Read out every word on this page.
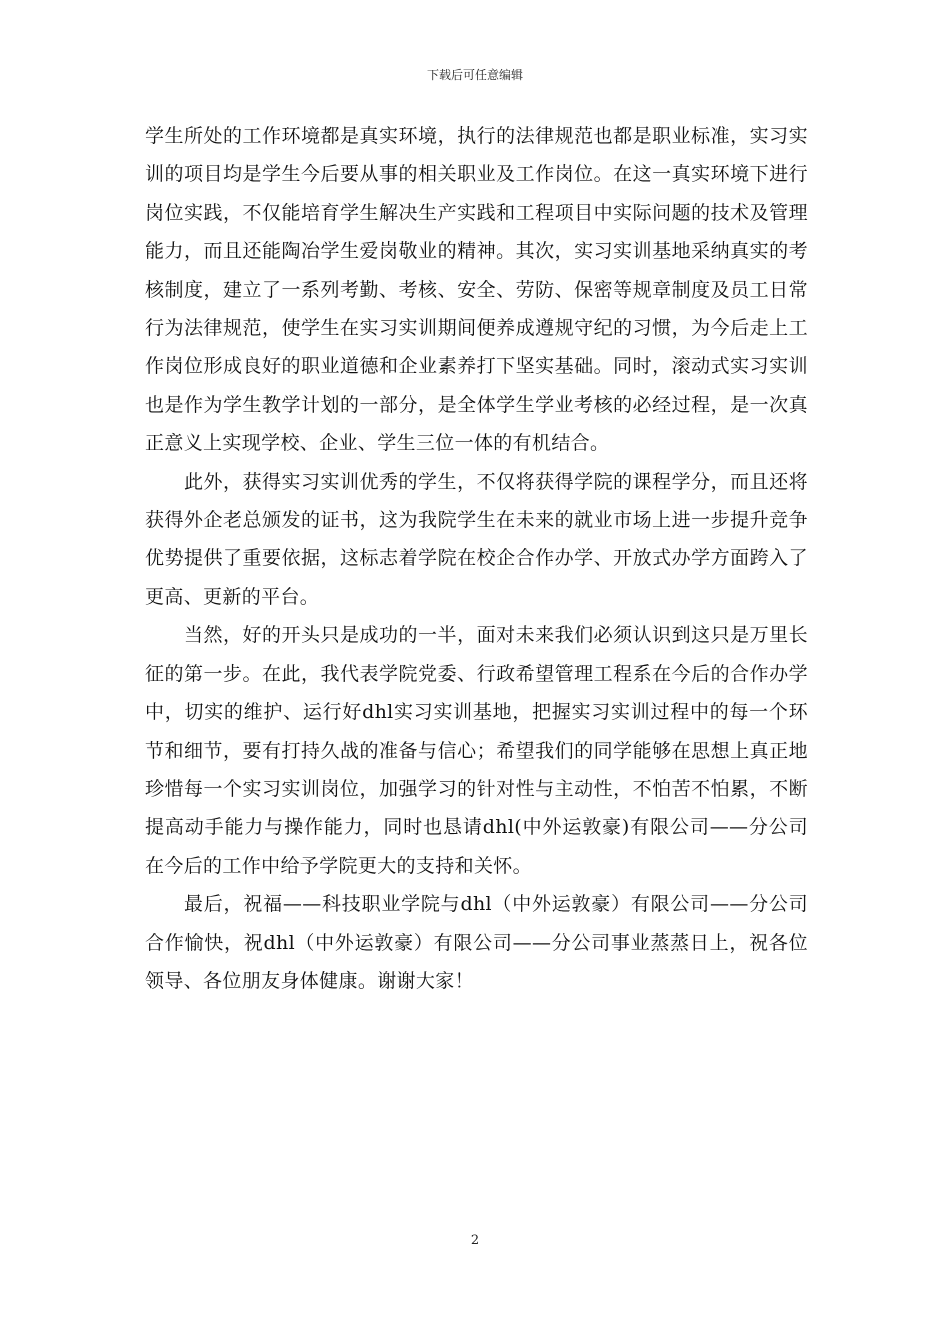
下载后可任意编辑

学生所处的工作环境都是真实环境，执行的法律规范也都是职业标准，实习实训的项目均是学生今后要从事的相关职业及工作岗位。在这一真实环境下进行岗位实践，不仅能培育学生解决生产实践和工程项目中实际问题的技术及管理能力，而且还能陶冶学生爱岗敬业的精神。其次，实习实训基地采纳真实的考核制度，建立了一系列考勤、考核、安全、劳防、保密等规章制度及员工日常行为法律规范，使学生在实习实训期间便养成遵规守纪的习惯，为今后走上工作岗位形成良好的职业道德和企业素养打下坚实基础。同时，滚动式实习实训也是作为学生教学计划的一部分，是全体学生学业考核的必经过程，是一次真正意义上实现学校、企业、学生三位一体的有机结合。

此外，获得实习实训优秀的学生，不仅将获得学院的课程学分，而且还将获得外企老总颁发的证书，这为我院学生在未来的就业市场上进一步提升竞争优势提供了重要依据，这标志着学院在校企合作办学、开放式办学方面跨入了更高、更新的平台。

当然，好的开头只是成功的一半，面对未来我们必须认识到这只是万里长征的第一步。在此，我代表学院党委、行政希望管理工程系在今后的合作办学中，切实的维护、运行好dhl实习实训基地，把握实习实训过程中的每一个环节和细节，要有打持久战的准备与信心；希望我们的同学能够在思想上真正地珍惜每一个实习实训岗位，加强学习的针对性与主动性，不怕苦不怕累，不断提高动手能力与操作能力，同时也恳请dhl(中外运敦豪)有限公司——分公司在今后的工作中给予学院更大的支持和关怀。

最后，祝福——科技职业学院与dhl（中外运敦豪）有限公司——分公司合作愉快，祝dhl（中外运敦豪）有限公司——分公司事业蒸蒸日上，祝各位领导、各位朋友身体健康。谢谢大家！

2
